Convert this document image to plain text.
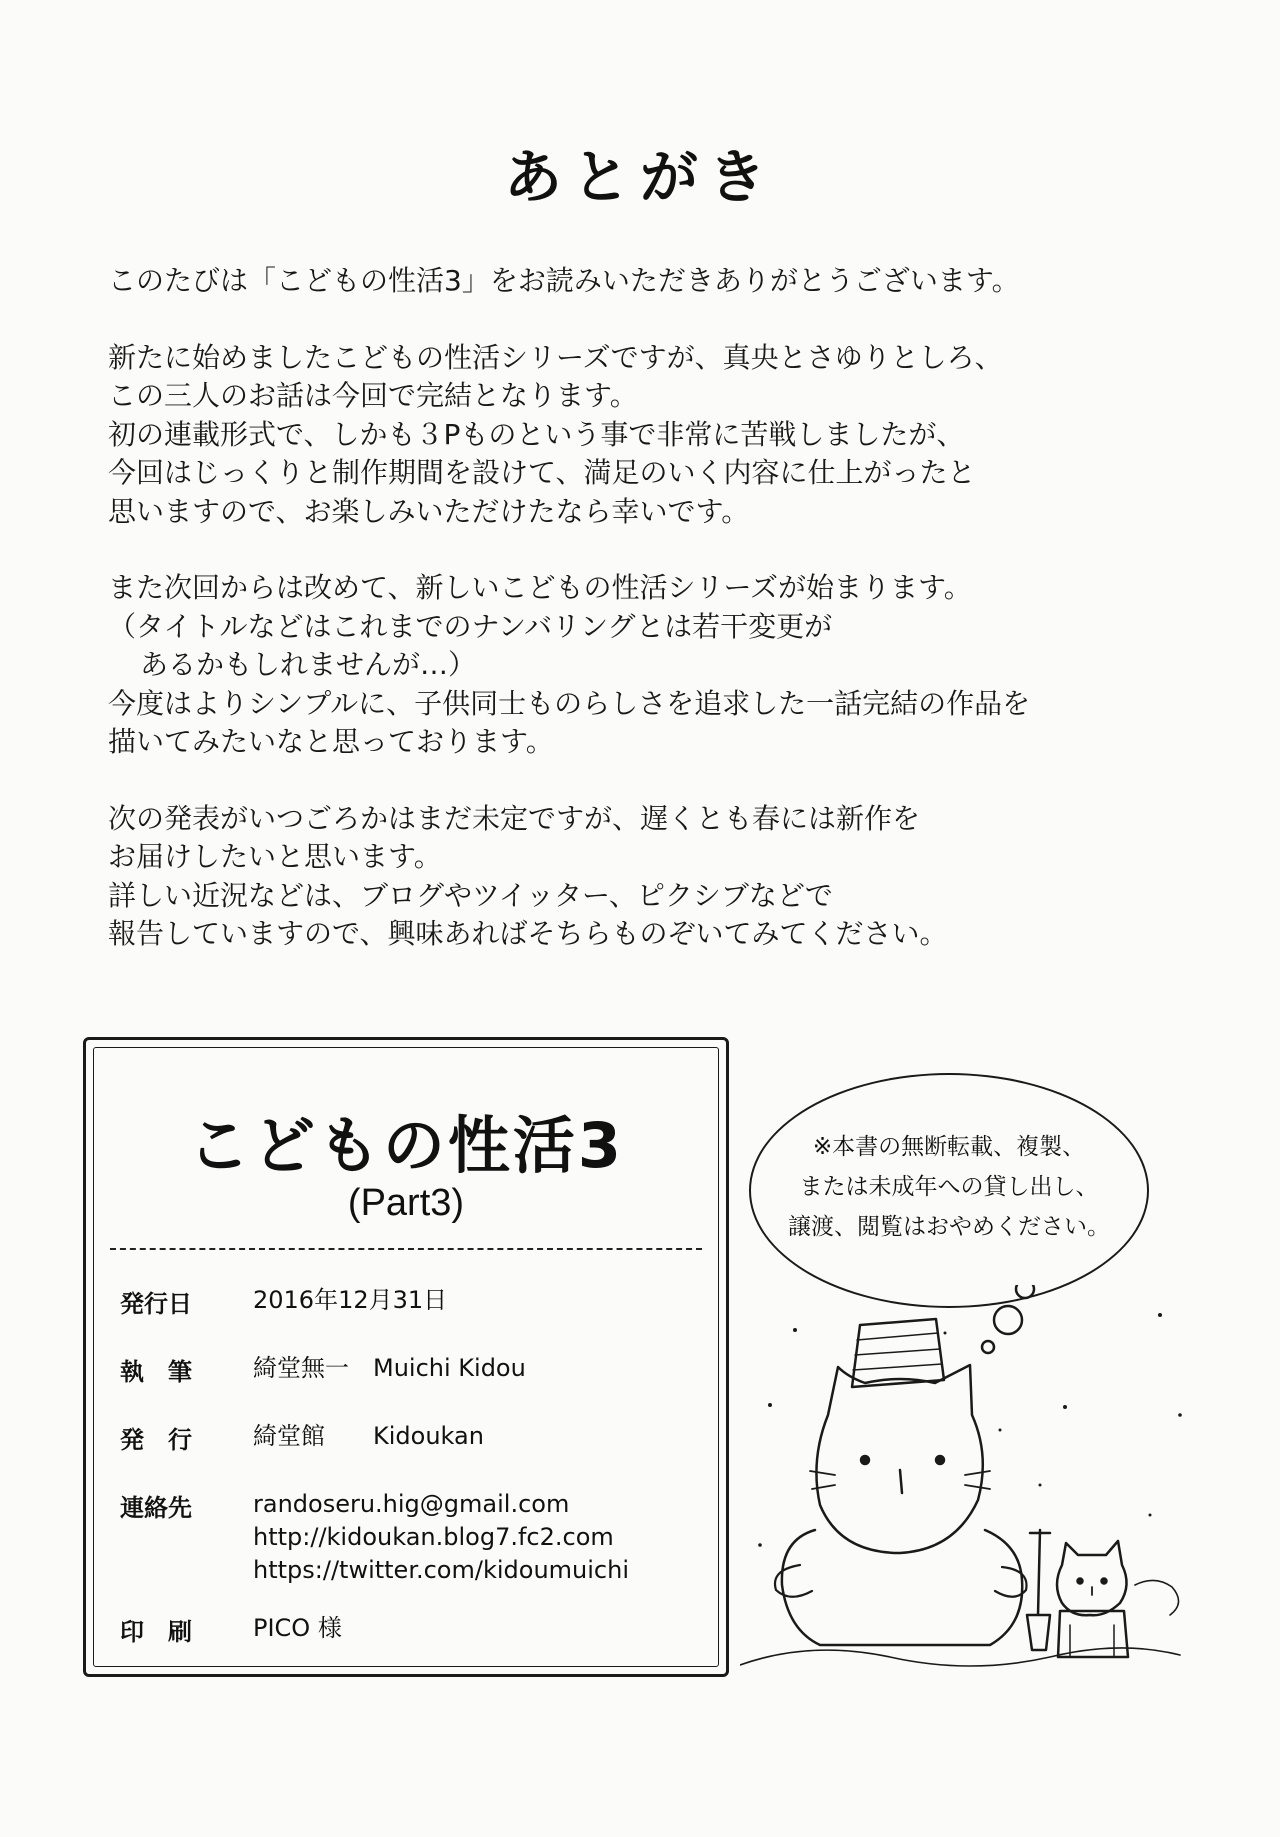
あとがき

このたびは「こどもの性活3」をお読みいただきありがとうございます。

新たに始めましたこどもの性活シリーズですが、真央とさゆりとしろ、
この三人のお話は今回で完結となります。
初の連載形式で、しかも３Pものという事で非常に苦戦しましたが、
今回はじっくりと制作期間を設けて、満足のいく内容に仕上がったと
思いますので、お楽しみいただけたなら幸いです。

また次回からは改めて、新しいこどもの性活シリーズが始まります。
（タイトルなどはこれまでのナンバリングとは若干変更が
あるかもしれませんが…）
今度はよりシンプルに、子供同士ものらしさを追求した一話完結の作品を
描いてみたいなと思っております。

次の発表がいつごろかはまだ未定ですが、遅くとも春には新作を
お届けしたいと思います。
詳しい近況などは、ブログやツイッター、ピクシブなどで
報告していますので、興味あればそちらものぞいてみてください。

こどもの性活3
(Part3)
発行日	2016年12月31日
執　筆	綺堂無一　Muichi Kidou
発　行	綺堂館　　Kidoukan
連絡先	randoseru.hig@gmail.com
http://kidoukan.blog7.fc2.com
https://twitter.com/kidoumuichi
印　刷	PICO 様
※本書の無断転載、複製、
または未成年への貸し出し、
譲渡、閲覧はおやめください。
